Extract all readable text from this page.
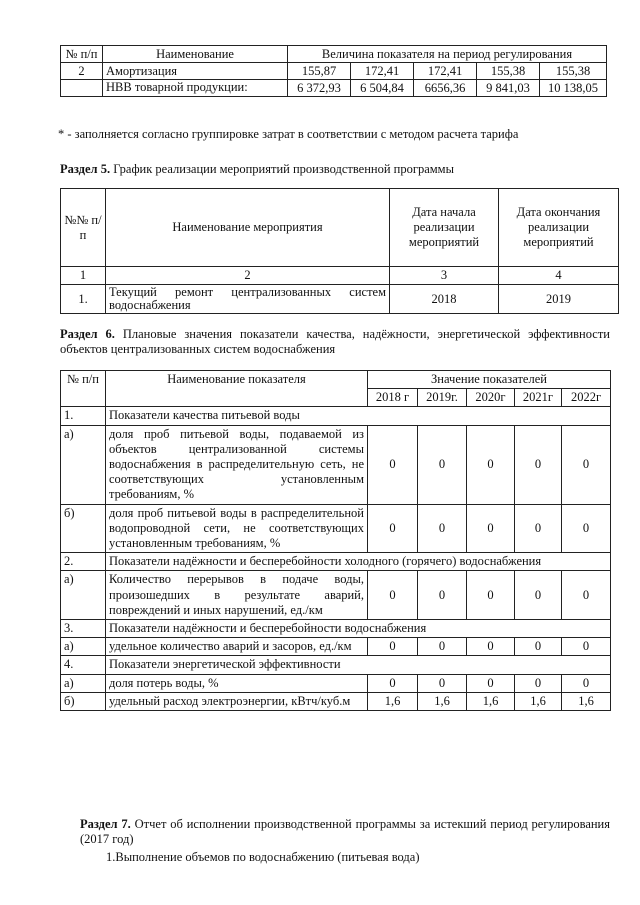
№ п/п	Наименование	Величина показателя на период регулирования				
2	Амортизация	155,87	172,41	172,41	155,38	155,38
	НВВ товарной продукции:	6 372,93	6 504,84	6656,36	9 841,03	10 138,05
* - заполняется согласно группировке затрат в соответствии с методом расчета тарифа
Раздел 5. График реализации мероприятий производственной программы
№№ п/п	Наименование мероприятия	Дата начала реализации мероприятий	Дата окончания реализации мероприятий
1	2	3	4
1.	Текущий ремонт централизованных систем водоснабжения	2018	2019
Раздел 6. Плановые значения показатели качества, надёжности, энергетической эффективности объектов централизованных систем водоснабжения
№ п/п	Наименование показателя	Значение показателей				
		2018 г	2019г.	2020г	2021г	2022г
1.	Показатели качества питьевой воды					
а)	доля проб питьевой воды, подаваемой из объектов централизованной системы водоснабжения в распределительную сеть, не соответствующих установленным требованиям, %	0	0	0	0	0
б)	доля проб питьевой воды в распределительной водопроводной сети, не соответствующих установленным требованиям, %	0	0	0	0	0
2.	Показатели надёжности и бесперебойности холодного (горячего) водоснабжения					
а)	Количество перерывов в подаче воды, произошедших в результате аварий, повреждений и иных нарушений, ед./км	0	0	0	0	0
3.	Показатели надёжности и бесперебойности водоснабжения					
а)	удельное количество аварий и засоров, ед./км	0	0	0	0	0
4.	Показатели энергетической эффективности					
а)	доля потерь воды, %	0	0	0	0	0
б)	удельный расход электроэнергии, кВтч/куб.м	1,6	1,6	1,6	1,6	1,6
Раздел 7. Отчет об исполнении производственной программы за истекший период регулирования (2017 год)
1.Выполнение объемов по водоснабжению (питьевая вода)
